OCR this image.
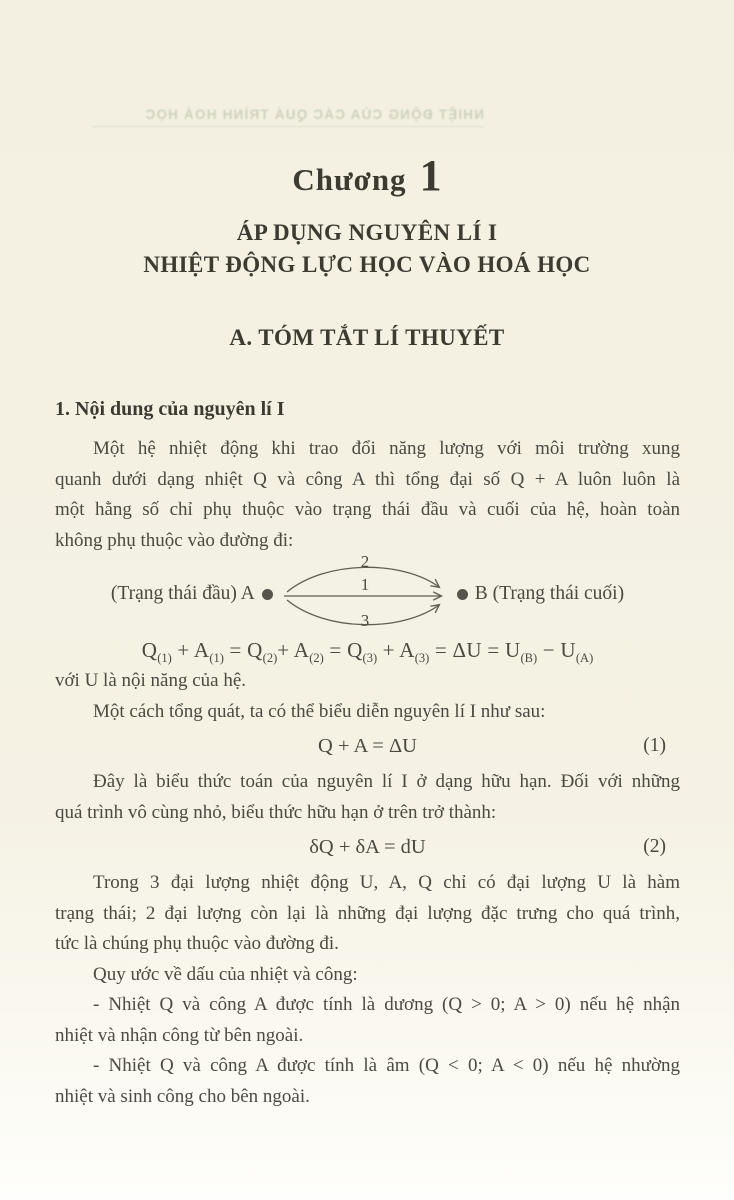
NHIỆT ĐỘNG CỦA CÁC QUÁ TRÌNH HOÁ HỌC
Chương 1
ÁP DỤNG NGUYÊN LÍ I
NHIỆT ĐỘNG LỰC HỌC VÀO HOÁ HỌC
A. TÓM TẮT LÍ THUYẾT
1. Nội dung của nguyên lí I
Một hệ nhiệt động khi trao đổi năng lượng với môi trường xung
quanh dưới dạng nhiệt Q và công A thì tổng đại số Q + A luôn luôn là
một hằng số chỉ phụ thuộc vào trạng thái đầu và cuối của hệ, hoàn toàn
không phụ thuộc vào đường đi:
(Trạng thái đầu) A
2
1
3
B (Trạng thái cuối)
$Q_{(1)} + A_{(1)} = Q_{(2)}+ A_{(2)} = Q_{(3)} + A_{(3)} = \Delta U = U_{(B)} - U_{(A)}$
với U là nội năng của hệ.
Một cách tổng quát, ta có thể biểu diễn nguyên lí I như sau:
Q + A = ΔU	(1)
Đây là biểu thức toán của nguyên lí I ở dạng hữu hạn. Đối với những
quá trình vô cùng nhỏ, biểu thức hữu hạn ở trên trở thành:
δQ + δA = dU	(2)
Trong 3 đại lượng nhiệt động U, A, Q chỉ có đại lượng U là hàm
trạng thái; 2 đại lượng còn lại là những đại lượng đặc trưng cho quá trình,
tức là chúng phụ thuộc vào đường đi.
Quy ước về dấu của nhiệt và công:
- Nhiệt Q và công A được tính là dương (Q > 0; A > 0) nếu hệ nhận
nhiệt và nhận công từ bên ngoài.
- Nhiệt Q và công A được tính là âm (Q < 0; A < 0) nếu hệ nhường
nhiệt và sinh công cho bên ngoài.
